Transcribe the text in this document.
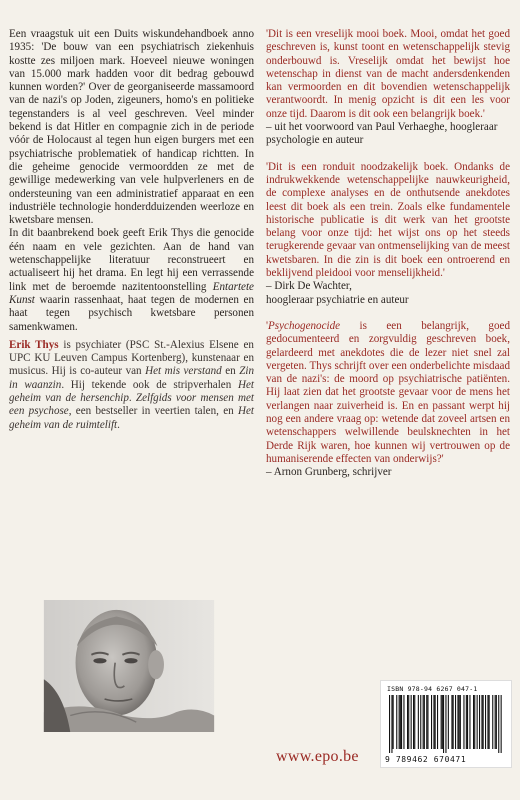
Een vraagstuk uit een Duits wiskundehandboek anno 1935: 'De bouw van een psychiatrisch ziekenhuis kostte zes miljoen mark. Hoeveel nieuwe woningen van 15.000 mark hadden voor dit bedrag gebouwd kunnen worden?' Over de georganiseerde massamoord van de nazi's op Joden, zigeuners, homo's en politieke tegenstanders is al veel geschreven. Veel minder bekend is dat Hitler en compagnie zich in de periode vóór de Holocaust al tegen hun eigen burgers met een psychiatrische problematiek of handicap richtten. In die geheime genocide vermoordden ze met de gewillige medewerking van vele hulpverleners en de ondersteuning van een administratief apparaat en een industriële technologie honderdduizenden weerloze en kwetsbare mensen.

In dit baanbrekend boek geeft Erik Thys die genocide één naam en vele gezichten. Aan de hand van wetenschappelijke literatuur reconstrueert en actualiseert hij het drama. En legt hij een verrassende link met de beroemde nazitentoonstelling Entartete Kunst waarin rassenhaat, haat tegen de modernen en haat tegen psychisch kwetsbare personen samenkwamen.

Erik Thys is psychiater (PSC St.-Alexius Elsene en UPC KU Leuven Campus Kortenberg), kunstenaar en musicus. Hij is co-auteur van Het mis verstand en Zin in waanzin. Hij tekende ook de stripverhalen Het geheim van de hersenchip. Zelfgids voor mensen met een psychose, een bestseller in veertien talen, en Het geheim van de ruimtelift.

'Dit is een vreselijk mooi boek. Mooi, omdat het goed geschreven is, kunst toont en wetenschappelijk stevig onderbouwd is. Vreselijk omdat het bewijst hoe wetenschap in dienst van de macht andersdenkenden kan vermoorden en dit bovendien wetenschappelijk verantwoordt. In menig opzicht is dit een les voor onze tijd. Daarom is dit ook een belangrijk boek.'

– uit het voorwoord van Paul Verhaeghe, hoogleraar psychologie en auteur

'Dit is een ronduit noodzakelijk boek. Ondanks de indrukwekkende wetenschappelijke nauwkeurigheid, de complexe analyses en de onthutsende anekdotes leest dit boek als een trein. Zoals elke fundamentele historische publicatie is dit werk van het grootste belang voor onze tijd: het wijst ons op het steeds terugkerende gevaar van ontmenselijking van de meest kwetsbaren. In die zin is dit boek een ontroerend en beklijvend pleidooi voor menselijkheid.'

– Dirk De Wachter,
hoogleraar psychiatrie en auteur

'Psychogenocide is een belangrijk, goed gedocumenteerd en zorgvuldig geschreven boek, gelardeerd met anekdotes die de lezer niet snel zal vergeten. Thys schrijft over een onderbelichte misdaad van de nazi's: de moord op psychiatrische patiënten. Hij laat zien dat het grootste gevaar voor de mens het verlangen naar zuiverheid is. En en passant werpt hij nog een andere vraag op: wetende dat zoveel artsen en wetenschappers welwillende beulsknechten in het Derde Rijk waren, hoe kunnen wij vertrouwen op de humaniserende effecten van onderwijs?'

– Arnon Grunberg, schrijver

ISBN 978-94 6267 047-1
9 789462 670471
www.epo.be
